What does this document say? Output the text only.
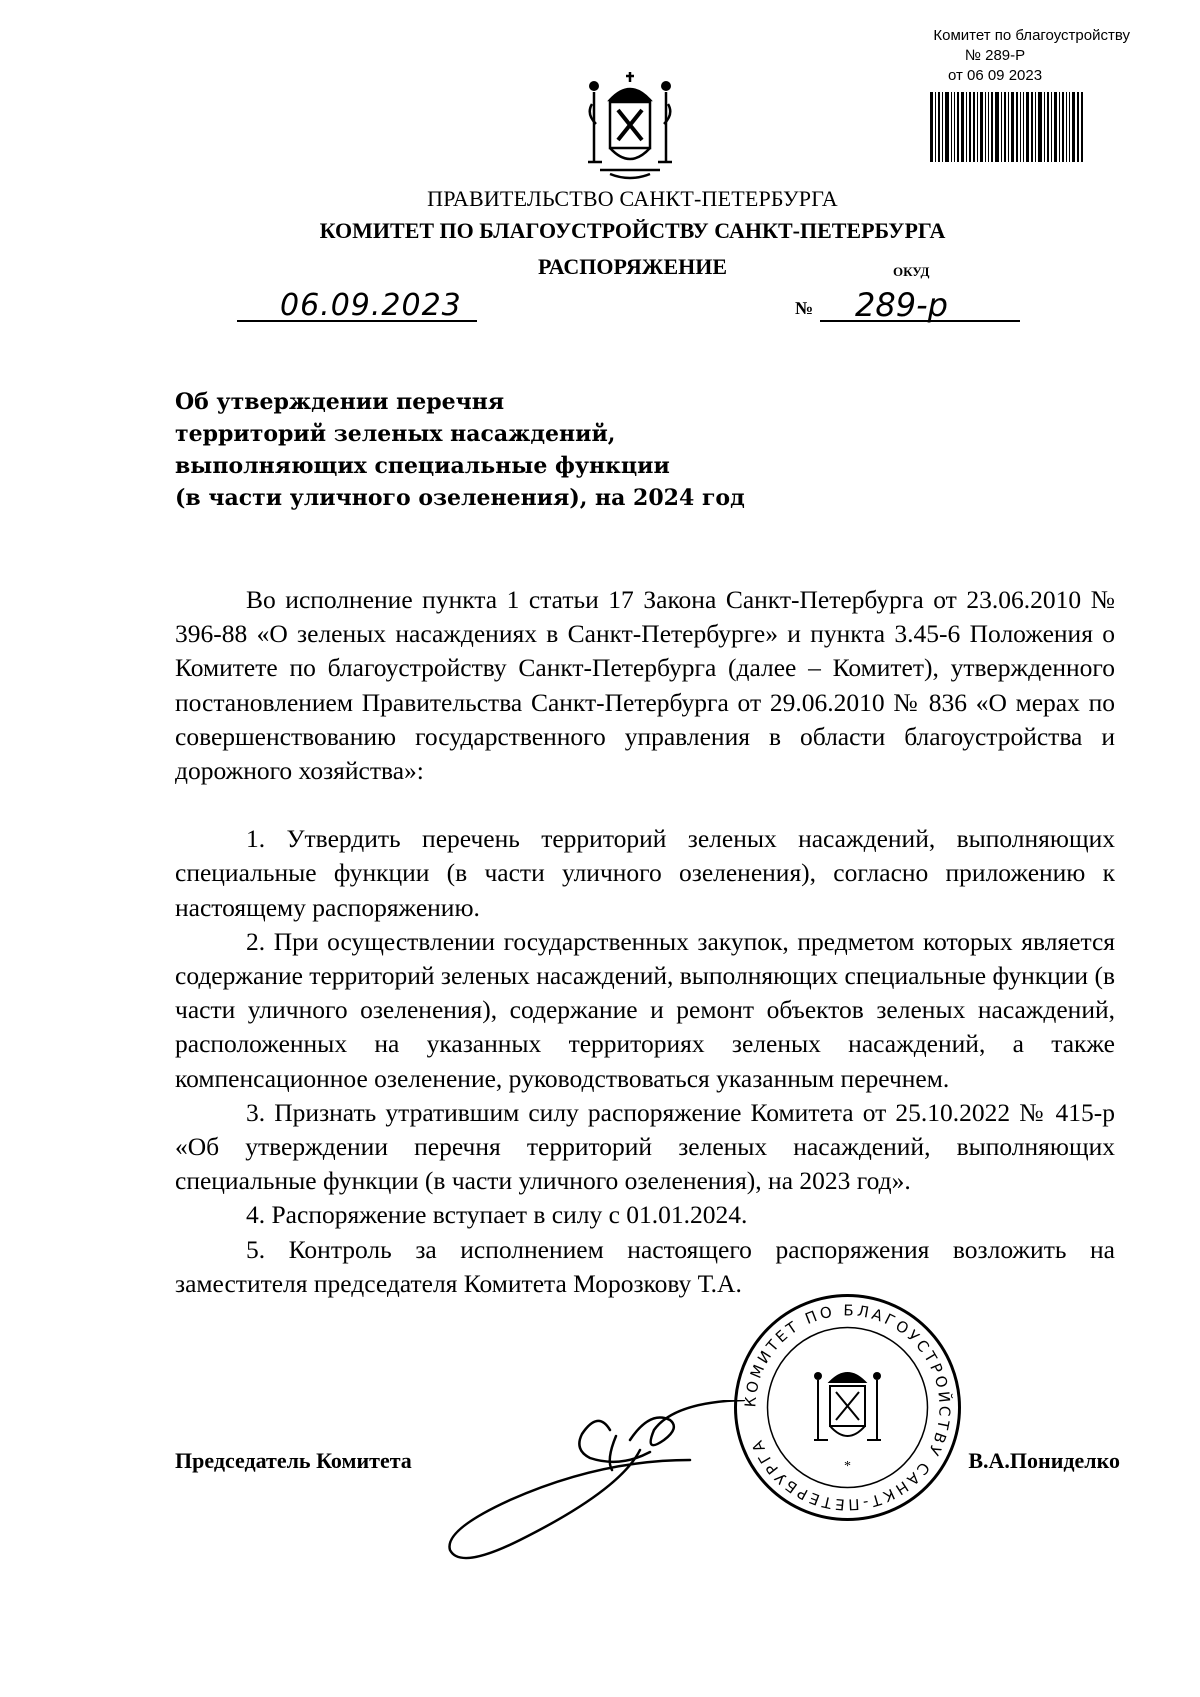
Комитет по благоустройству
№ 289-Р
от 06 09 2023
ПРАВИТЕЛЬСТВО САНКТ-ПЕТЕРБУРГА
КОМИТЕТ ПО БЛАГОУСТРОЙСТВУ САНКТ-ПЕТЕРБУРГА
РАСПОРЯЖЕНИЕ	ОКУД
06.09.2023	№ 289-р
Об утверждении перечня
территорий зеленых насаждений,
выполняющих специальные функции
(в части уличного озеленения), на 2024 год

Во исполнение пункта 1 статьи 17 Закона Санкт-Петербурга от 23.06.2010 № 396-88 «О зеленых насаждениях в Санкт-Петербурге» и пункта 3.45-6 Положения о Комитете по благоустройству Санкт-Петербурга (далее – Комитет), утвержденного постановлением Правительства Санкт-Петербурга от 29.06.2010 № 836 «О мерах по совершенствованию государственного управления в области благоустройства и дорожного хозяйства»:

1. Утвердить перечень территорий зеленых насаждений, выполняющих специальные функции (в части уличного озеленения), согласно приложению к настоящему распоряжению.

2. При осуществлении государственных закупок, предметом которых является содержание территорий зеленых насаждений, выполняющих специальные функции (в части уличного озеленения), содержание и ремонт объектов зеленых насаждений, расположенных на указанных территориях зеленых насаждений, а также компенсационное озеленение, руководствоваться указанным перечнем.

3. Признать утратившим силу распоряжение Комитета от 25.10.2022 № 415-р «Об утверждении перечня территорий зеленых насаждений, выполняющих специальные функции (в части уличного озеленения), на 2023 год».

4. Распоряжение вступает в силу с 01.01.2024.

5. Контроль за исполнением настоящего распоряжения возложить на заместителя председателя Комитета Морозкову Т.А.

КОМИТЕТ ПО БЛАГОУСТРОЙСТВУ САНКТ-ПЕТЕРБУРГА
*
Председатель Комитета	В.А.Пониделко
